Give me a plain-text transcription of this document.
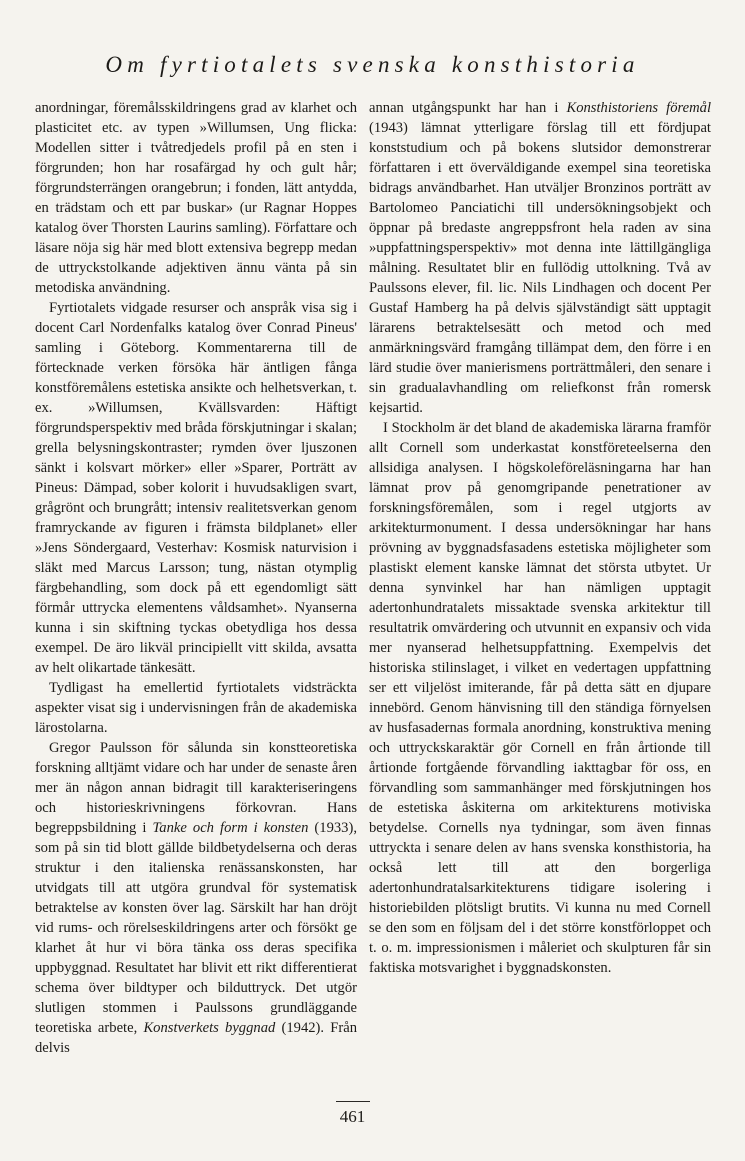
Om fyrtiotalets svenska konsthistoria

anordningar, föremålsskildringens grad av klarhet och plasticitet etc. av typen »Willumsen, Ung flicka: Modellen sitter i tvåtredjedels profil på en sten i förgrunden; hon har rosafärgad hy och gult hår; förgrundsterrängen orangebrun; i fonden, lätt antydda, en trädstam och ett par buskar» (ur Ragnar Hoppes katalog över Thorsten Laurins samling). Författare och läsare nöja sig här med blott extensiva begrepp medan de uttryckstolkande adjektiven ännu vänta på sin metodiska användning.

Fyrtiotalets vidgade resurser och anspråk visa sig i docent Carl Nordenfalks katalog över Conrad Pineus' samling i Göteborg. Kommentarerna till de förtecknade verken försöka här äntligen fånga konstföremålens estetiska ansikte och helhetsverkan, t. ex. »Willumsen, Kvällsvarden: Häftigt förgrundsperspektiv med bråda förskjutningar i skalan; grella belysningskontraster; rymden över ljuszonen sänkt i kolsvart mörker» eller »Sparer, Porträtt av Pineus: Dämpad, sober kolorit i huvudsakligen svart, grågrönt och brungrått; intensiv realitetsverkan genom framryckande av figuren i främsta bildplanet» eller »Jens Söndergaard, Vesterhav: Kosmisk naturvision i släkt med Marcus Larsson; tung, nästan otymplig färgbehandling, som dock på ett egendomligt sätt förmår uttrycka elementens våldsamhet». Nyanserna kunna i sin skiftning tyckas obetydliga hos dessa exempel. De äro likväl principiellt vitt skilda, avsatta av helt olikartade tänkesätt.

Tydligast ha emellertid fyrtiotalets vidsträckta aspekter visat sig i undervisningen från de akademiska lärostolarna.

Gregor Paulsson för sålunda sin konstteoretiska forskning alltjämt vidare och har under de senaste åren mer än någon annan bidragit till karakteriseringens och historieskrivningens förkovran. Hans begreppsbildning i Tanke och form i konsten (1933), som på sin tid blott gällde bildbetydelserna och deras struktur i den italienska renässanskonsten, har utvidgats till att utgöra grundval för systematisk betraktelse av konsten över lag. Särskilt har han dröjt vid rums- och rörelseskildringens arter och försökt ge klarhet åt hur vi böra tänka oss deras specifika uppbyggnad. Resultatet har blivit ett rikt differentierat schema över bildtyper och bilduttryck. Det utgör slutligen stommen i Paulssons grundläggande teoretiska arbete, Konstverkets byggnad (1942). Från delvis

annan utgångspunkt har han i Konsthistoriens föremål (1943) lämnat ytterligare förslag till ett fördjupat konststudium och på bokens slutsidor demonstrerar författaren i ett överväldigande exempel sina teoretiska bidrags användbarhet. Han utväljer Bronzinos porträtt av Bartolomeo Panciatichi till undersökningsobjekt och öppnar på bredaste angreppsfront hela raden av sina »uppfattningsperspektiv» mot denna inte lättillgängliga målning. Resultatet blir en fullödig uttolkning. Två av Paulssons elever, fil. lic. Nils Lindhagen och docent Per Gustaf Hamberg ha på delvis självständigt sätt upptagit lärarens betraktelsesätt och metod och med anmärkningsvärd framgång tillämpat dem, den förre i en lärd studie över manierismens porträttmåleri, den senare i sin gradualavhandling om reliefkonst från romersk kejsartid.

I Stockholm är det bland de akademiska lärarna framför allt Cornell som underkastat konstföreteelserna den allsidiga analysen. I högskoleföreläsningarna har han lämnat prov på genomgripande penetrationer av forskningsföremålen, som i regel utgjorts av arkitekturmonument. I dessa undersökningar har hans prövning av byggnadsfasadens estetiska möjligheter som plastiskt element kanske lämnat det största utbytet. Ur denna synvinkel har han nämligen upptagit adertonhundratalets missaktade svenska arkitektur till resultatrik omvärdering och utvunnit en expansiv och vida mer nyanserad helhetsuppfattning. Exempelvis det historiska stilinslaget, i vilket en vedertagen uppfattning ser ett viljelöst imiterande, får på detta sätt en djupare innebörd. Genom hänvisning till den ständiga förnyelsen av husfasadernas formala anordning, konstruktiva mening och uttryckskaraktär gör Cornell en från årtionde till årtionde fortgående förvandling iakttagbar för oss, en förvandling som sammanhänger med förskjutningen hos de estetiska åskiterna om arkitekturens motiviska betydelse. Cornells nya tydningar, som även finnas uttryckta i senare delen av hans svenska konsthistoria, ha också lett till att den borgerliga adertonhundratalsarkitekturens tidigare isolering i historiebilden plötsligt brutits. Vi kunna nu med Cornell se den som en följsam del i det större konstförloppet och t. o. m. impressionismen i måleriet och skulpturen får sin faktiska motsvarighet i byggnadskonsten.

461
